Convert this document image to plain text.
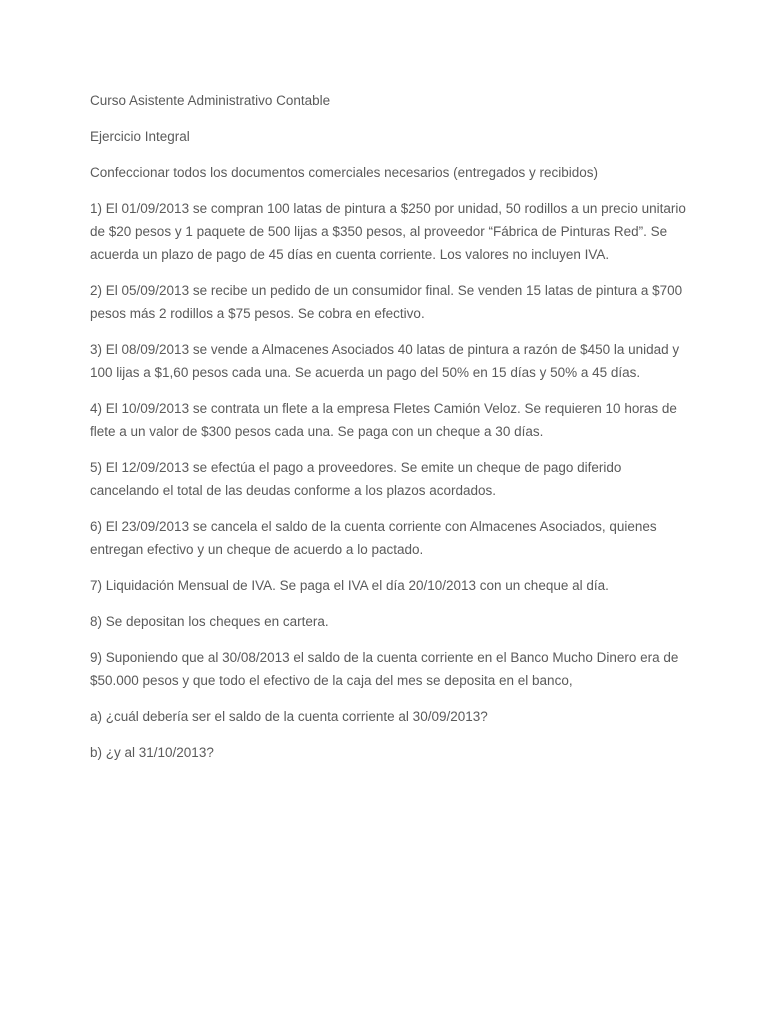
Curso Asistente Administrativo Contable

Ejercicio Integral

Confeccionar todos los documentos comerciales necesarios (entregados y recibidos)

1) El 01/09/2013 se compran 100 latas de pintura a $250 por unidad, 50 rodillos a un precio unitario de $20 pesos y 1 paquete de 500 lijas a $350 pesos, al proveedor “Fábrica de Pinturas Red”. Se acuerda un plazo de pago de 45 días en cuenta corriente. Los valores no incluyen IVA.

2) El 05/09/2013 se recibe un pedido de un consumidor final. Se venden 15 latas de pintura a $700 pesos más 2 rodillos a $75 pesos. Se cobra en efectivo.

3) El 08/09/2013 se vende a Almacenes Asociados 40 latas de pintura a razón de $450 la unidad y 100 lijas a $1,60 pesos cada una. Se acuerda un pago del 50% en 15 días y 50% a 45 días.

4) El 10/09/2013 se contrata un flete a la empresa Fletes Camión Veloz. Se requieren 10 horas de flete a un valor de $300 pesos cada una. Se paga con un cheque a 30 días.

5) El 12/09/2013 se efectúa el pago a proveedores. Se emite un cheque de pago diferido cancelando el total de las deudas conforme a los plazos acordados.

6) El 23/09/2013 se cancela el saldo de la cuenta corriente con Almacenes Asociados, quienes entregan efectivo y un cheque de acuerdo a lo pactado.

7) Liquidación Mensual de IVA. Se paga el IVA el día 20/10/2013 con un cheque al día.

8) Se depositan los cheques en cartera.

9) Suponiendo que al 30/08/2013 el saldo de la cuenta corriente en el Banco Mucho Dinero era de $50.000 pesos y que todo el efectivo de la caja del mes se deposita en el banco,

a) ¿cuál debería ser el saldo de la cuenta corriente al 30/09/2013?

b) ¿y al 31/10/2013?
